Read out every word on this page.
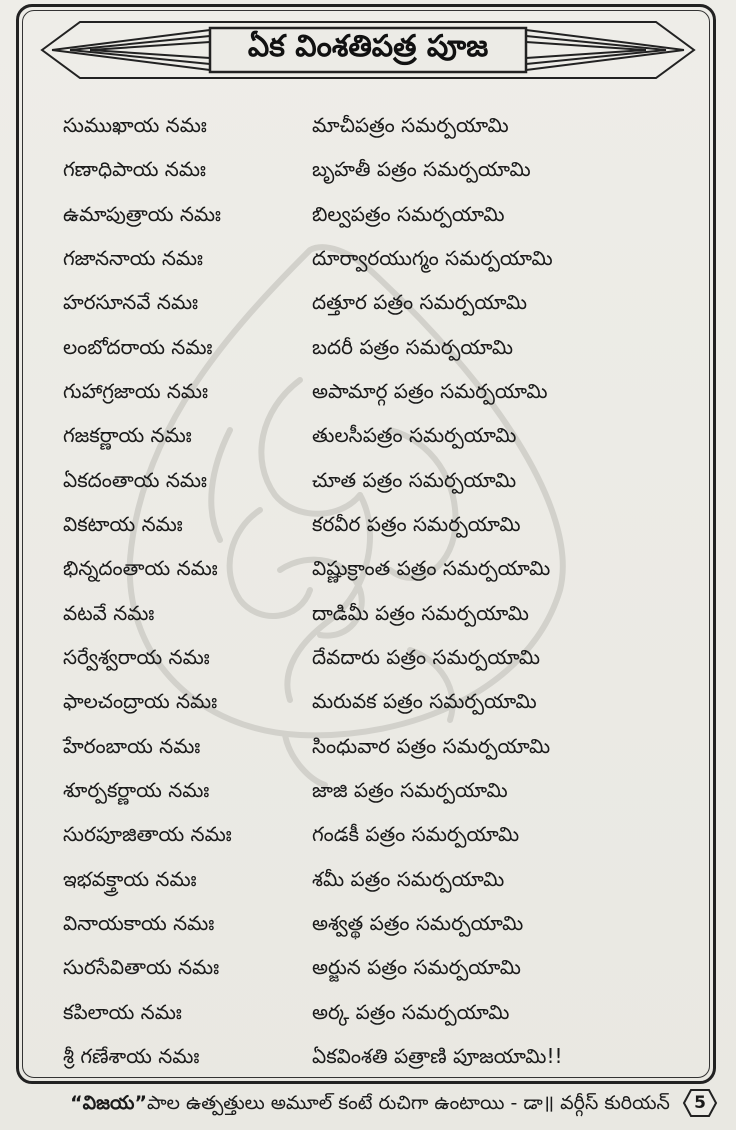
ఏక వింశతిపత్ర పూజ
సుముఖాయ నమః	మాచీపత్రం సమర్పయామి
గణాధిపాయ నమః	బృహతీ పత్రం సమర్పయామి
ఉమాపుత్రాయ నమః	బిల్వపత్రం సమర్పయామి
గజాననాయ నమః	దూర్వారయుగ్మం సమర్పయామి
హరసూనవే నమః	దత్తూర పత్రం సమర్పయామి
లంబోదరాయ నమః	బదరీ పత్రం సమర్పయామి
గుహాగ్రజాయ నమః	అపామార్గ పత్రం సమర్పయామి
గజకర్ణాయ నమః	తులసీపత్రం సమర్పయామి
ఏకదంతాయ నమః	చూత పత్రం సమర్పయామి
వికటాయ నమః	కరవీర పత్రం సమర్పయామి
భిన్నదంతాయ నమః	విష్ణుక్రాంత పత్రం సమర్పయామి
వటవే నమః	దాడిమీ పత్రం సమర్పయామి
సర్వేశ్వరాయ నమః	దేవదారు పత్రం సమర్పయామి
ఫాలచంద్రాయ నమః	మరువక పత్రం సమర్పయామి
హేరంబాయ నమః	సింధువార పత్రం సమర్పయామి
శూర్పకర్ణాయ నమః	జాజి పత్రం సమర్పయామి
సురపూజితాయ నమః	గండకీ పత్రం సమర్పయామి
ఇభవక్త్రాయ నమః	శమీ పత్రం సమర్పయామి
వినాయకాయ నమః	అశ్వత్థ పత్రం సమర్పయామి
సురసేవితాయ నమః	అర్జున పత్రం సమర్పయామి
కపిలాయ నమః	అర్క పత్రం సమర్పయామి
శ్రీ గణేశాయ నమః	ఏకవింశతి పత్రాణి పూజయామి!!
“విజయ”పాల ఉత్పత్తులు అమూల్ కంటే రుచిగా ఉంటాయి - డా॥ వర్గీస్ కురియన్	5
